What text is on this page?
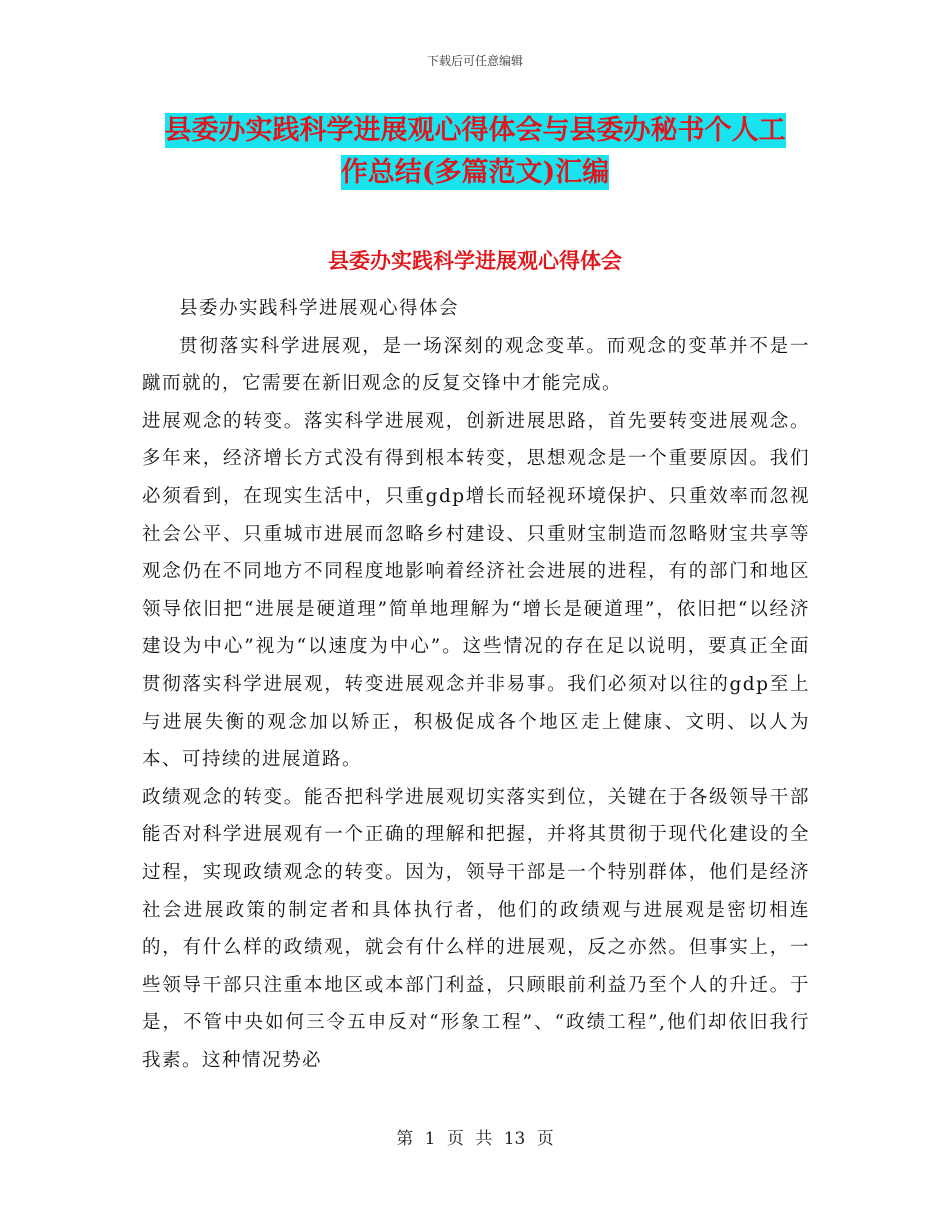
下载后可任意编辑
县委办实践科学进展观心得体会与县委办秘书个人工
作总结(多篇范文)汇编
县委办实践科学进展观心得体会

县委办实践科学进展观心得体会

贯彻落实科学进展观，是一场深刻的观念变革。而观念的变革并不是一蹴而就的，它需要在新旧观念的反复交锋中才能完成。

进展观念的转变。落实科学进展观，创新进展思路，首先要转变进展观念。多年来，经济增长方式没有得到根本转变，思想观念是一个重要原因。我们必须看到，在现实生活中，只重gdp增长而轻视环境保护、只重效率而忽视社会公平、只重城市进展而忽略乡村建设、只重财宝制造而忽略财宝共享等观念仍在不同地方不同程度地影响着经济社会进展的进程，有的部门和地区领导依旧把“进展是硬道理”简单地理解为“增长是硬道理”，依旧把“以经济建设为中心”视为“以速度为中心”。这些情况的存在足以说明，要真正全面贯彻落实科学进展观，转变进展观念并非易事。我们必须对以往的gdp至上与进展失衡的观念加以矫正，积极促成各个地区走上健康、文明、以人为本、可持续的进展道路。

政绩观念的转变。能否把科学进展观切实落实到位，关键在于各级领导干部能否对科学进展观有一个正确的理解和把握，并将其贯彻于现代化建设的全过程，实现政绩观念的转变。因为，领导干部是一个特别群体，他们是经济社会进展政策的制定者和具体执行者，他们的政绩观与进展观是密切相连的，有什么样的政绩观，就会有什么样的进展观，反之亦然。但事实上，一些领导干部只注重本地区或本部门利益，只顾眼前利益乃至个人的升迁。于是，不管中央如何三令五申反对“形象工程”、“政绩工程”,他们却依旧我行我素。这种情况势必

第 1 页 共 13 页
